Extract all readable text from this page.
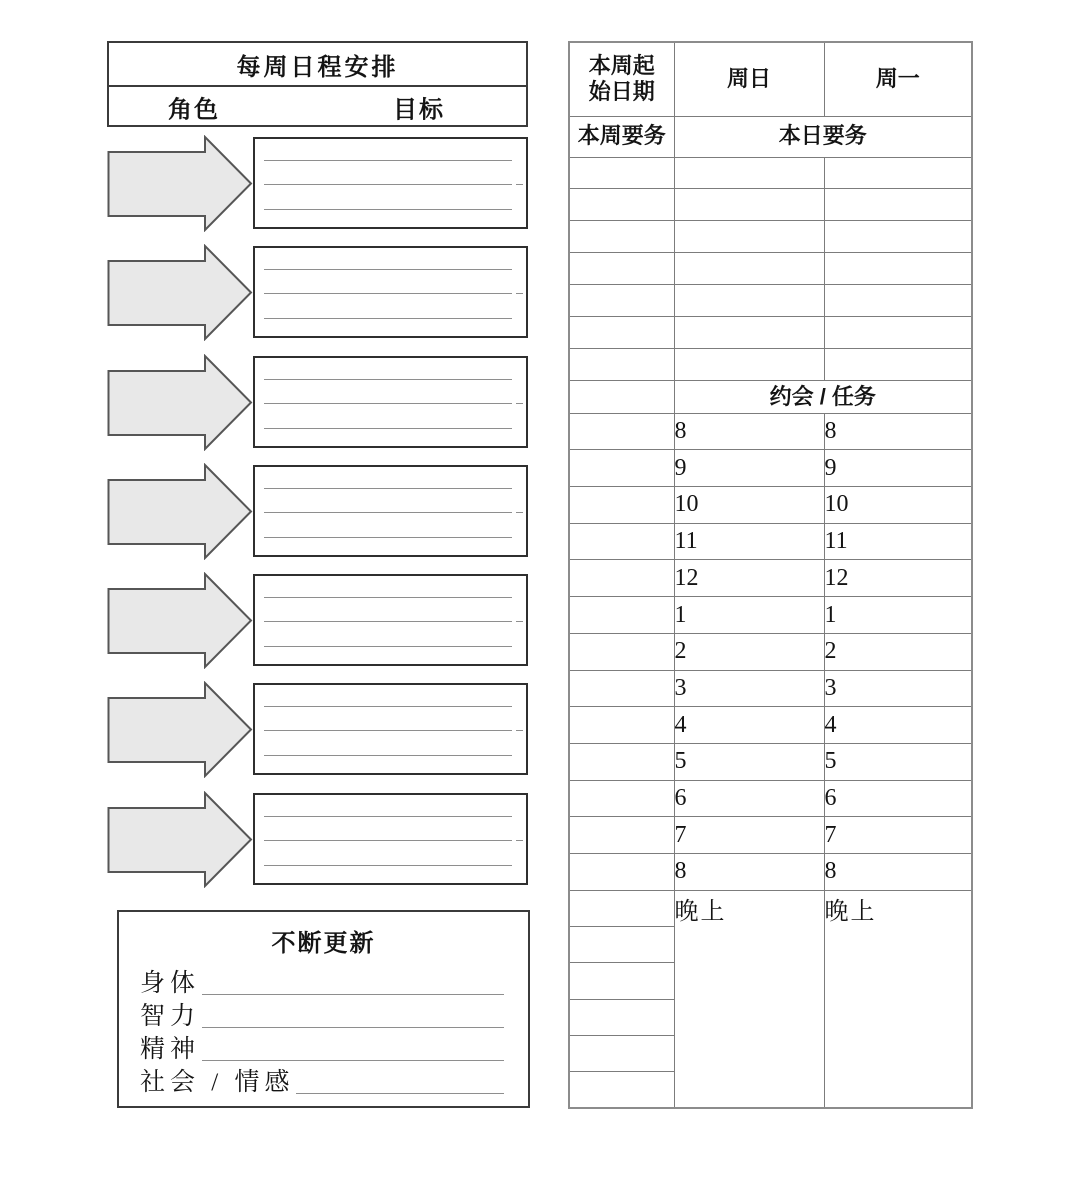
每周日程安排
角色	目标
不断更新
身体
智力
精神
社会 / 情感
本周起
始日期	周日	周一
本周要务	本日要务	

	约会 / 任务	
	8	8
	9	9
	10	10
	11	11
	12	12
	1	1
	2	2
	3	3
	4	4
	5	5
	6	6
	7	7
	8	8
	晚上	晚上
